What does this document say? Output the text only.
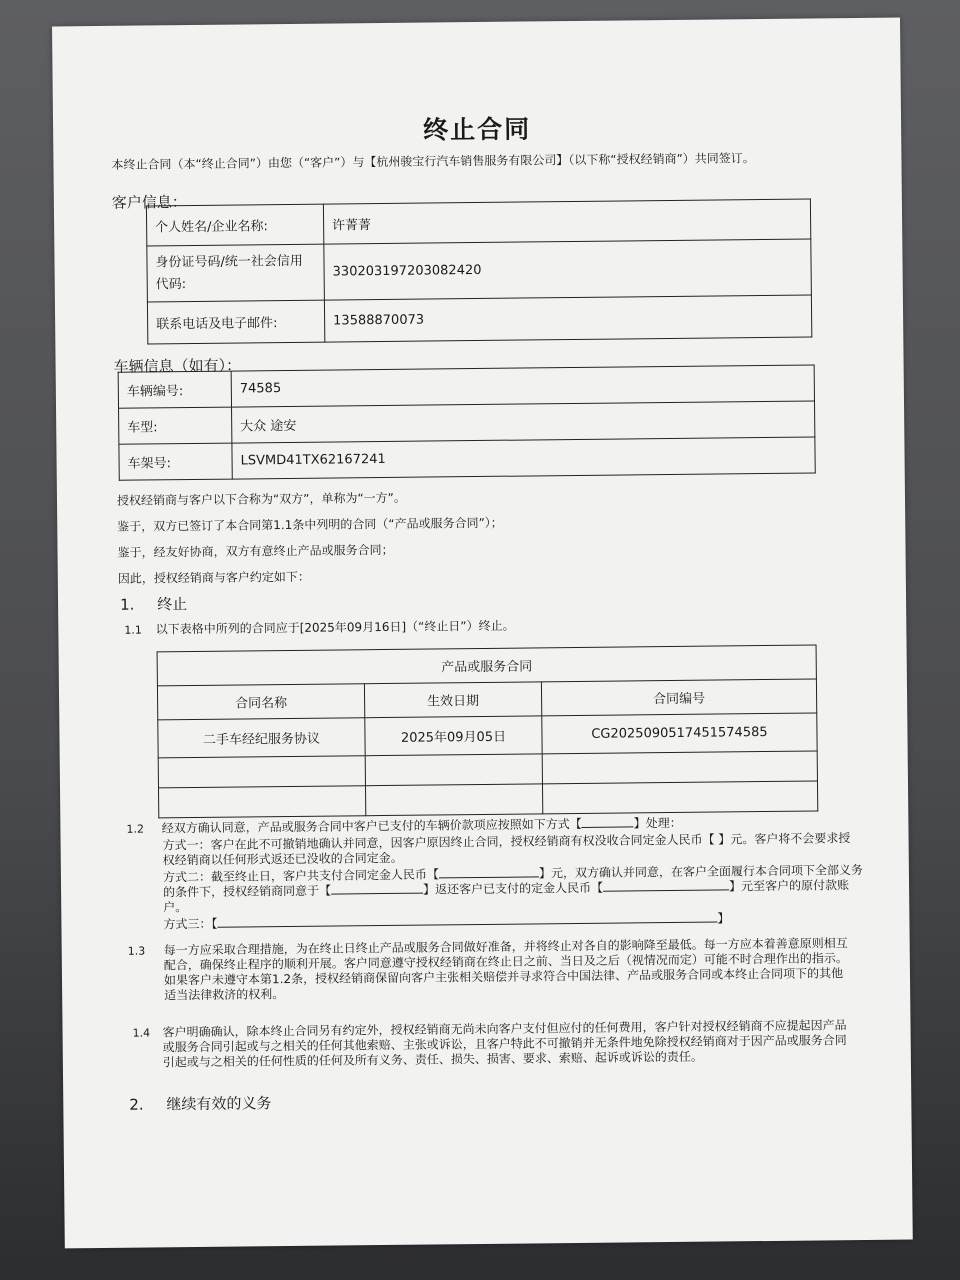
终止合同
本终止合同（本“终止合同”）由您（“客户”）与【杭州骏宝行汽车销售服务有限公司】（以下称“授权经销商”）共同签订。
客户信息：
个人姓名/企业名称:	许菁菁
身份证号码/统一社会信用代码:	330203197203082420
联系电话及电子邮件:	13588870073
车辆信息（如有）：
车辆编号:	74585
车型:	大众 途安
车架号:	LSVMD41TX62167241
授权经销商与客户以下合称为“双方”，单称为“一方”。
鉴于，双方已签订了本合同第1.1条中列明的合同（“产品或服务合同”）；
鉴于，经友好协商，双方有意终止产品或服务合同；
因此，授权经销商与客户约定如下：
1. 终止
1.1 以下表格中所列的合同应于[2025年09月16日]（“终止日”）终止。
产品或服务合同		
合同名称	生效日期	合同编号
二手车经纪服务协议	2025年09月05日	CG2025090517451574585

1.2 经双方确认同意，产品或服务合同中客户已支付的车辆价款项应按照如下方式【	】处理：
方式一：客户在此不可撤销地确认并同意，因客户原因终止合同，授权经销商有权没收合同定金人民币【 】元。客户将不会要求授
权经销商以任何形式返还已没收的合同定金。
方式二：截至终止日，客户共支付合同定金人民币【	】元，双方确认并同意，在客户全面履行本合同项下全部义务
的条件下，授权经销商同意于【	】返还客户已支付的定金人民币【	】元至客户的原付款账
户。
方式三：【	】
1.3 每一方应采取合理措施，为在终止日终止产品或服务合同做好准备，并将终止对各自的影响降至最低。每一方应本着善意原则相互
配合，确保终止程序的顺利开展。客户同意遵守授权经销商在终止日之前、当日及之后（视情况而定）可能不时合理作出的指示。
如果客户未遵守本第1.2条，授权经销商保留向客户主张相关赔偿并寻求符合中国法律、产品或服务合同或本终止合同项下的其他
适当法律救济的权利。
1.4 客户明确确认，除本终止合同另有约定外，授权经销商无尚未向客户支付但应付的任何费用，客户针对授权经销商不应提起因产品
或服务合同引起或与之相关的任何其他索赔、主张或诉讼，且客户特此不可撤销并无条件地免除授权经销商对于因产品或服务合同
引起或与之相关的任何性质的任何及所有义务、责任、损失、损害、要求、索赔、起诉或诉讼的责任。
2. 继续有效的义务
